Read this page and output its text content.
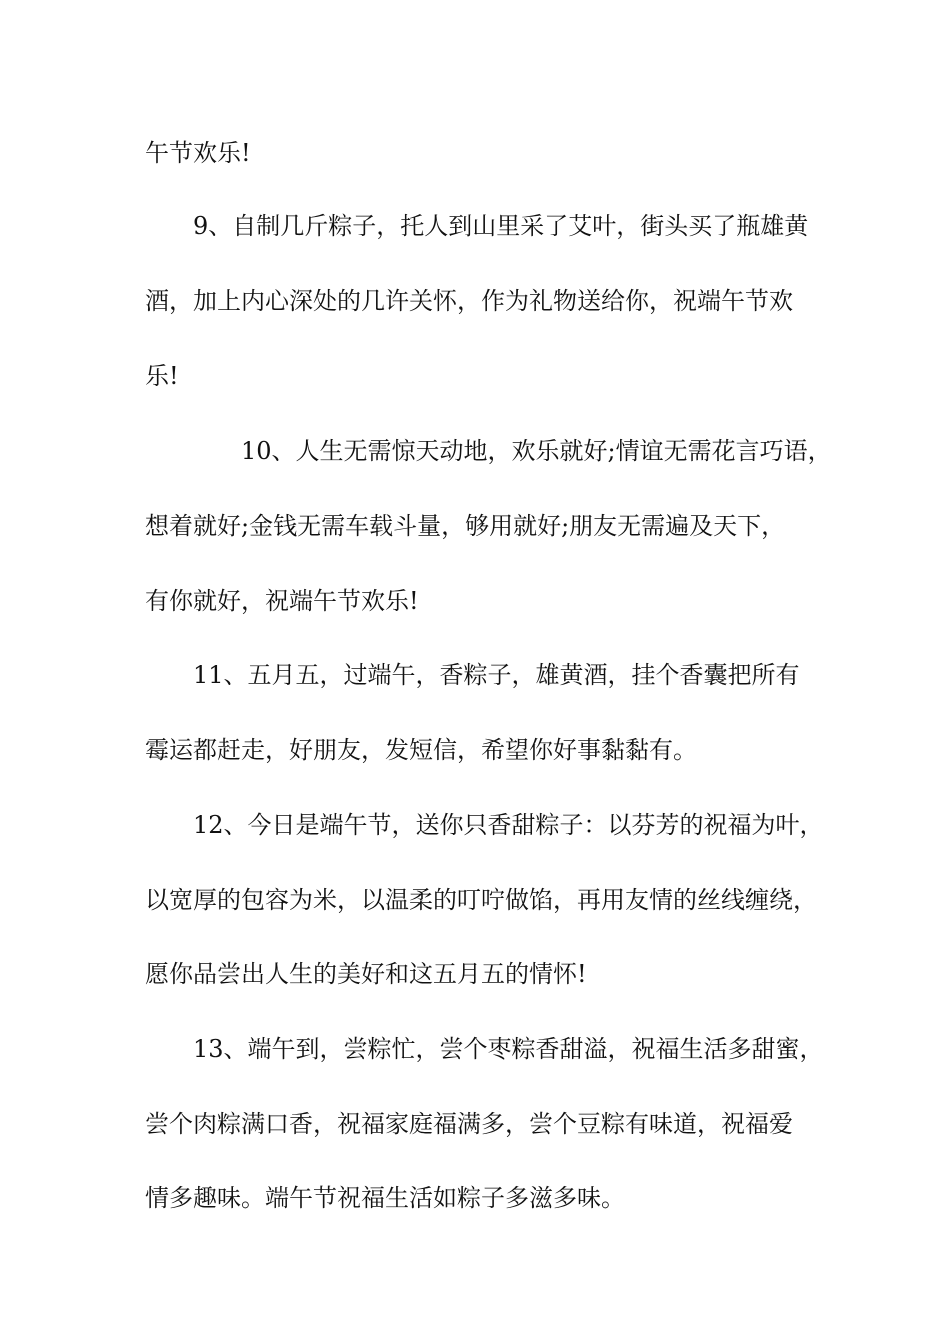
午节欢乐!
9、自制几斤粽子，托人到山里采了艾叶，街头买了瓶雄黄
酒，加上内心深处的几许关怀，作为礼物送给你，祝端午节欢
乐!
10、人生无需惊天动地，欢乐就好;情谊无需花言巧语，
想着就好;金钱无需车载斗量，够用就好;朋友无需遍及天下，
有你就好，祝端午节欢乐!
11、五月五，过端午，香粽子，雄黄酒，挂个香囊把所有
霉运都赶走，好朋友，发短信，希望你好事黏黏有。
12、今日是端午节，送你只香甜粽子：以芬芳的祝福为叶，
以宽厚的包容为米，以温柔的叮咛做馅，再用友情的丝线缠绕，
愿你品尝出人生的美好和这五月五的情怀!
13、端午到，尝粽忙，尝个枣粽香甜溢，祝福生活多甜蜜，
尝个肉粽满口香，祝福家庭福满多，尝个豆粽有味道，祝福爱
情多趣味。端午节祝福生活如粽子多滋多味。
